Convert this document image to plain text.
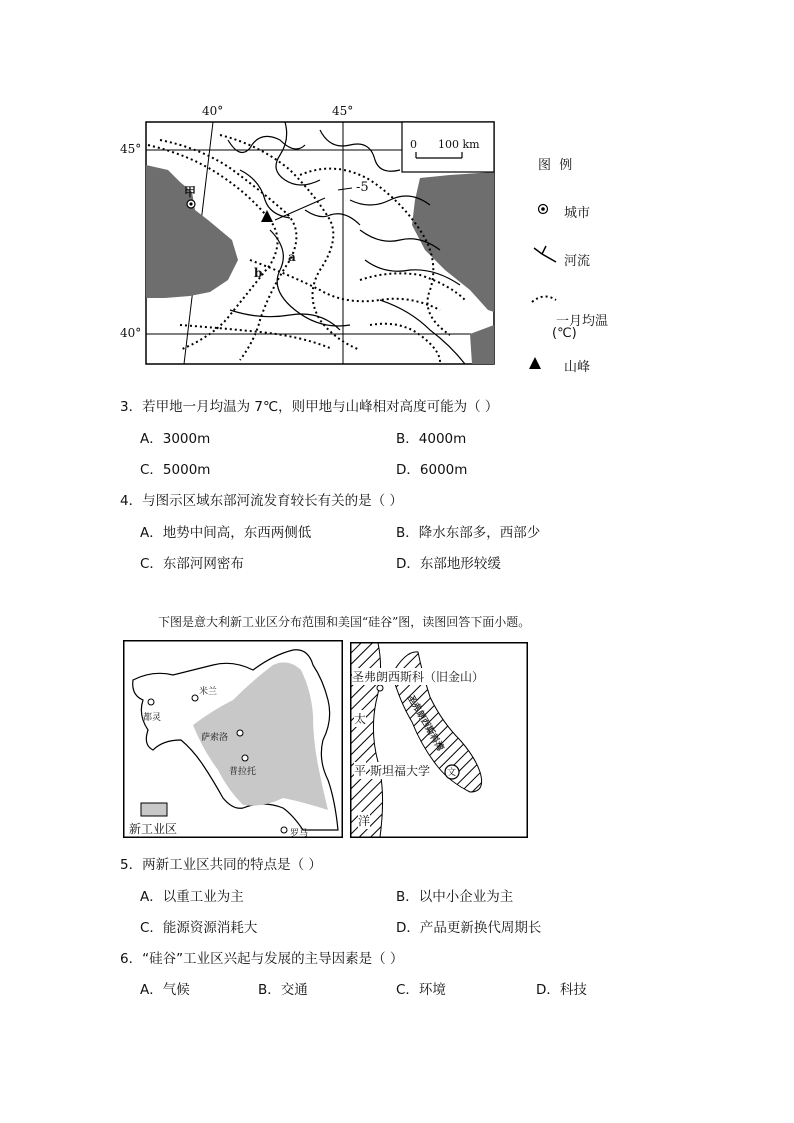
40°	45°
45°
40°
0 100 km
-5
甲
a
b
图  例
城市
河流
一月均温
(℃)
山峰
3．若甲地一月均温为 7℃，则甲地与山峰相对高度可能为（ ）
A．3000m	B．4000m
C．5000m	D．6000m
4．与图示区域东部河流发育较长有关的是（ ）
A．地势中间高，东西两侧低	B．降水东部多，西部少
C．东部河网密布	D．东部地形较缓
下图是意大利新工业区分布范围和美国“硅谷”图，读图回答下面小题。
米兰
都灵
萨索洛
普拉托
罗马
新工业区
圣弗朗西斯科（旧金山）
圣弗朗西斯科湾
太
平
洋
斯坦福大学 文
5．两新工业区共同的特点是（ ）
A．以重工业为主	B．以中小企业为主
C．能源资源消耗大	D．产品更新换代周期长
6．“硅谷”工业区兴起与发展的主导因素是（ ）
A．气候	B．交通	C．环境	D．科技
